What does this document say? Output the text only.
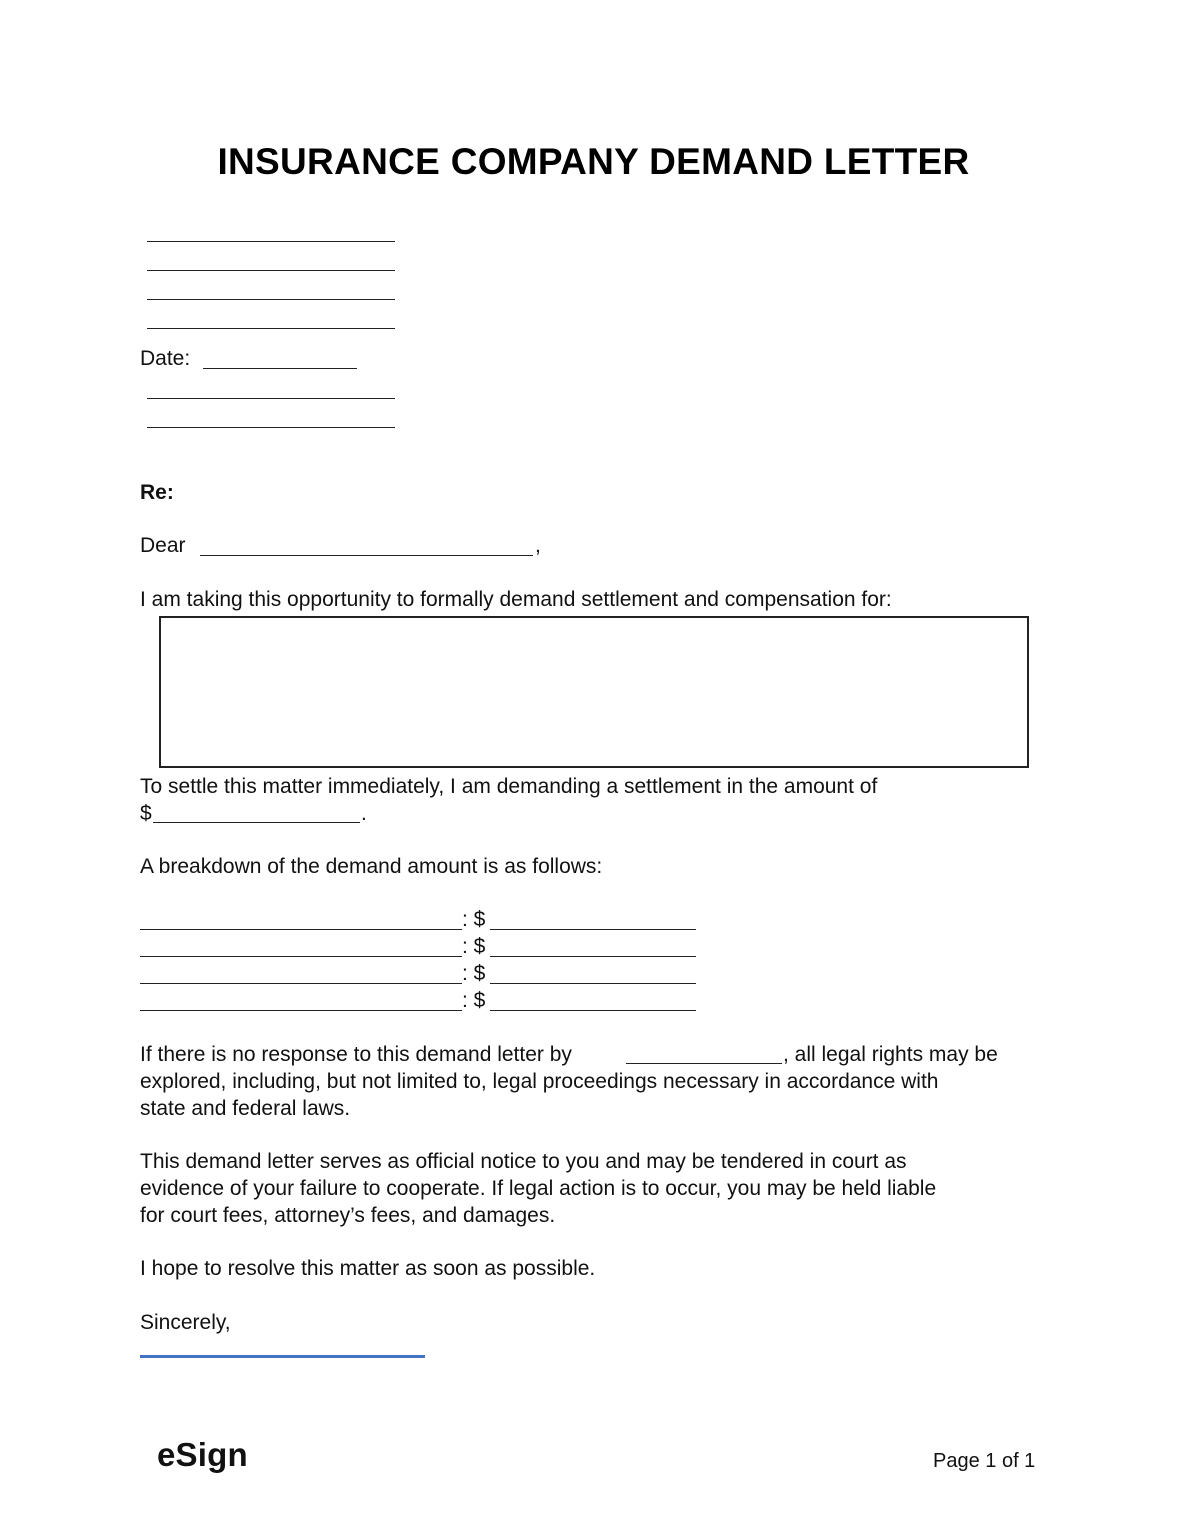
INSURANCE COMPANY DEMAND LETTER
Date:
Re:
Dear	,
I am taking this opportunity to formally demand settlement and compensation for:
To settle this matter immediately, I am demanding a settlement in the amount of
$	.
A breakdown of the demand amount is as follows:
: $
: $
: $
: $
If there is no response to this demand letter by	, all legal rights may be
explored, including, but not limited to, legal proceedings necessary in accordance with
state and federal laws.
This demand letter serves as official notice to you and may be tendered in court as
evidence of your failure to cooperate. If legal action is to occur, you may be held liable
for court fees, attorney’s fees, and damages.
I hope to resolve this matter as soon as possible.
Sincerely,
eSign	Page 1 of 1
